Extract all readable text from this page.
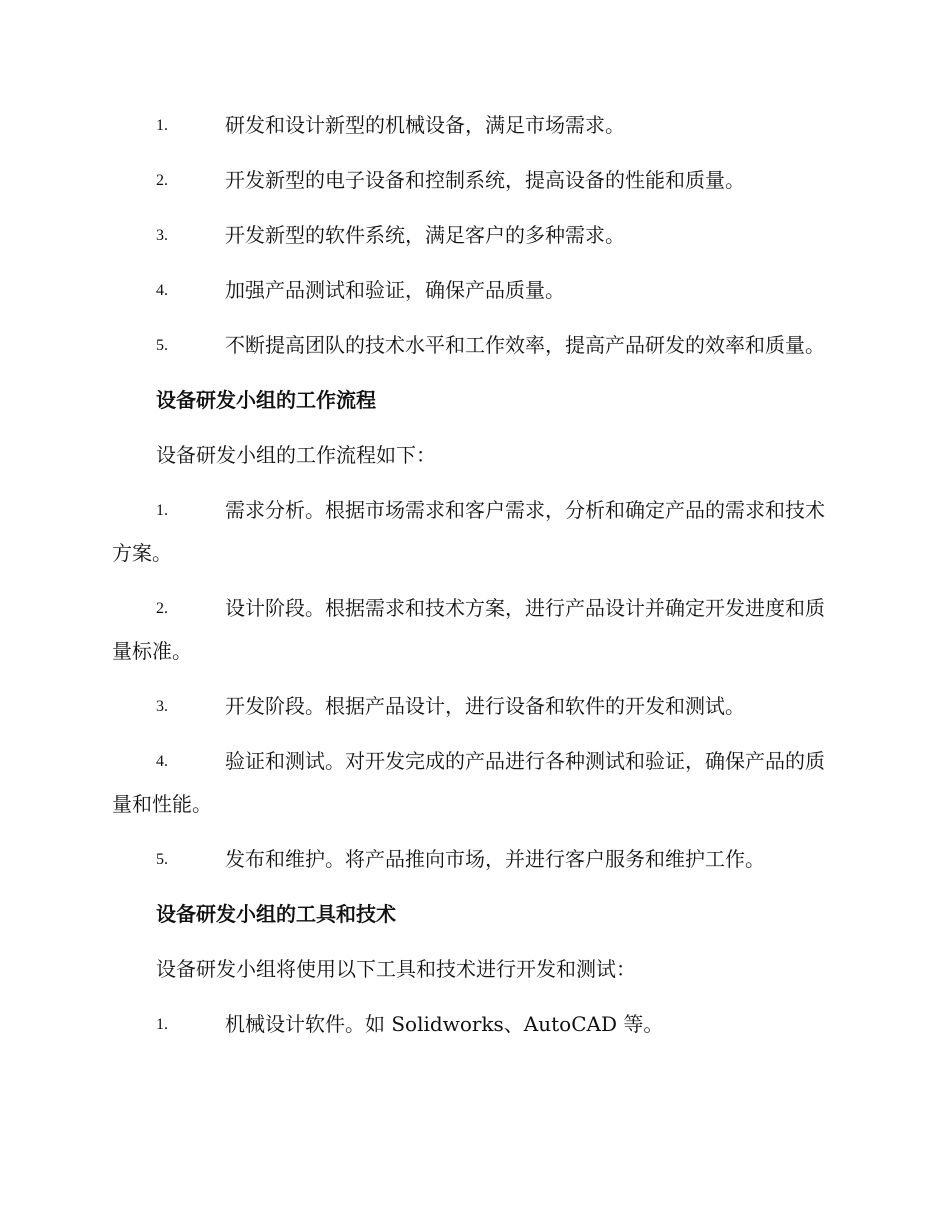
1.	研发和设计新型的机械设备，满足市场需求。
2.	开发新型的电子设备和控制系统，提高设备的性能和质量。
3.	开发新型的软件系统，满足客户的多种需求。
4.	加强产品测试和验证，确保产品质量。
5.	不断提高团队的技术水平和工作效率，提高产品研发的效率和质量。
设备研发小组的工作流程
设备研发小组的工作流程如下：
1.	需求分析。根据市场需求和客户需求，分析和确定产品的需求和技术方案。
2.	设计阶段。根据需求和技术方案，进行产品设计并确定开发进度和质量标准。
3.	开发阶段。根据产品设计，进行设备和软件的开发和测试。
4.	验证和测试。对开发完成的产品进行各种测试和验证，确保产品的质量和性能。
5.	发布和维护。将产品推向市场，并进行客户服务和维护工作。
设备研发小组的工具和技术
设备研发小组将使用以下工具和技术进行开发和测试：
1.	机械设计软件。如 Solidworks、AutoCAD 等。
